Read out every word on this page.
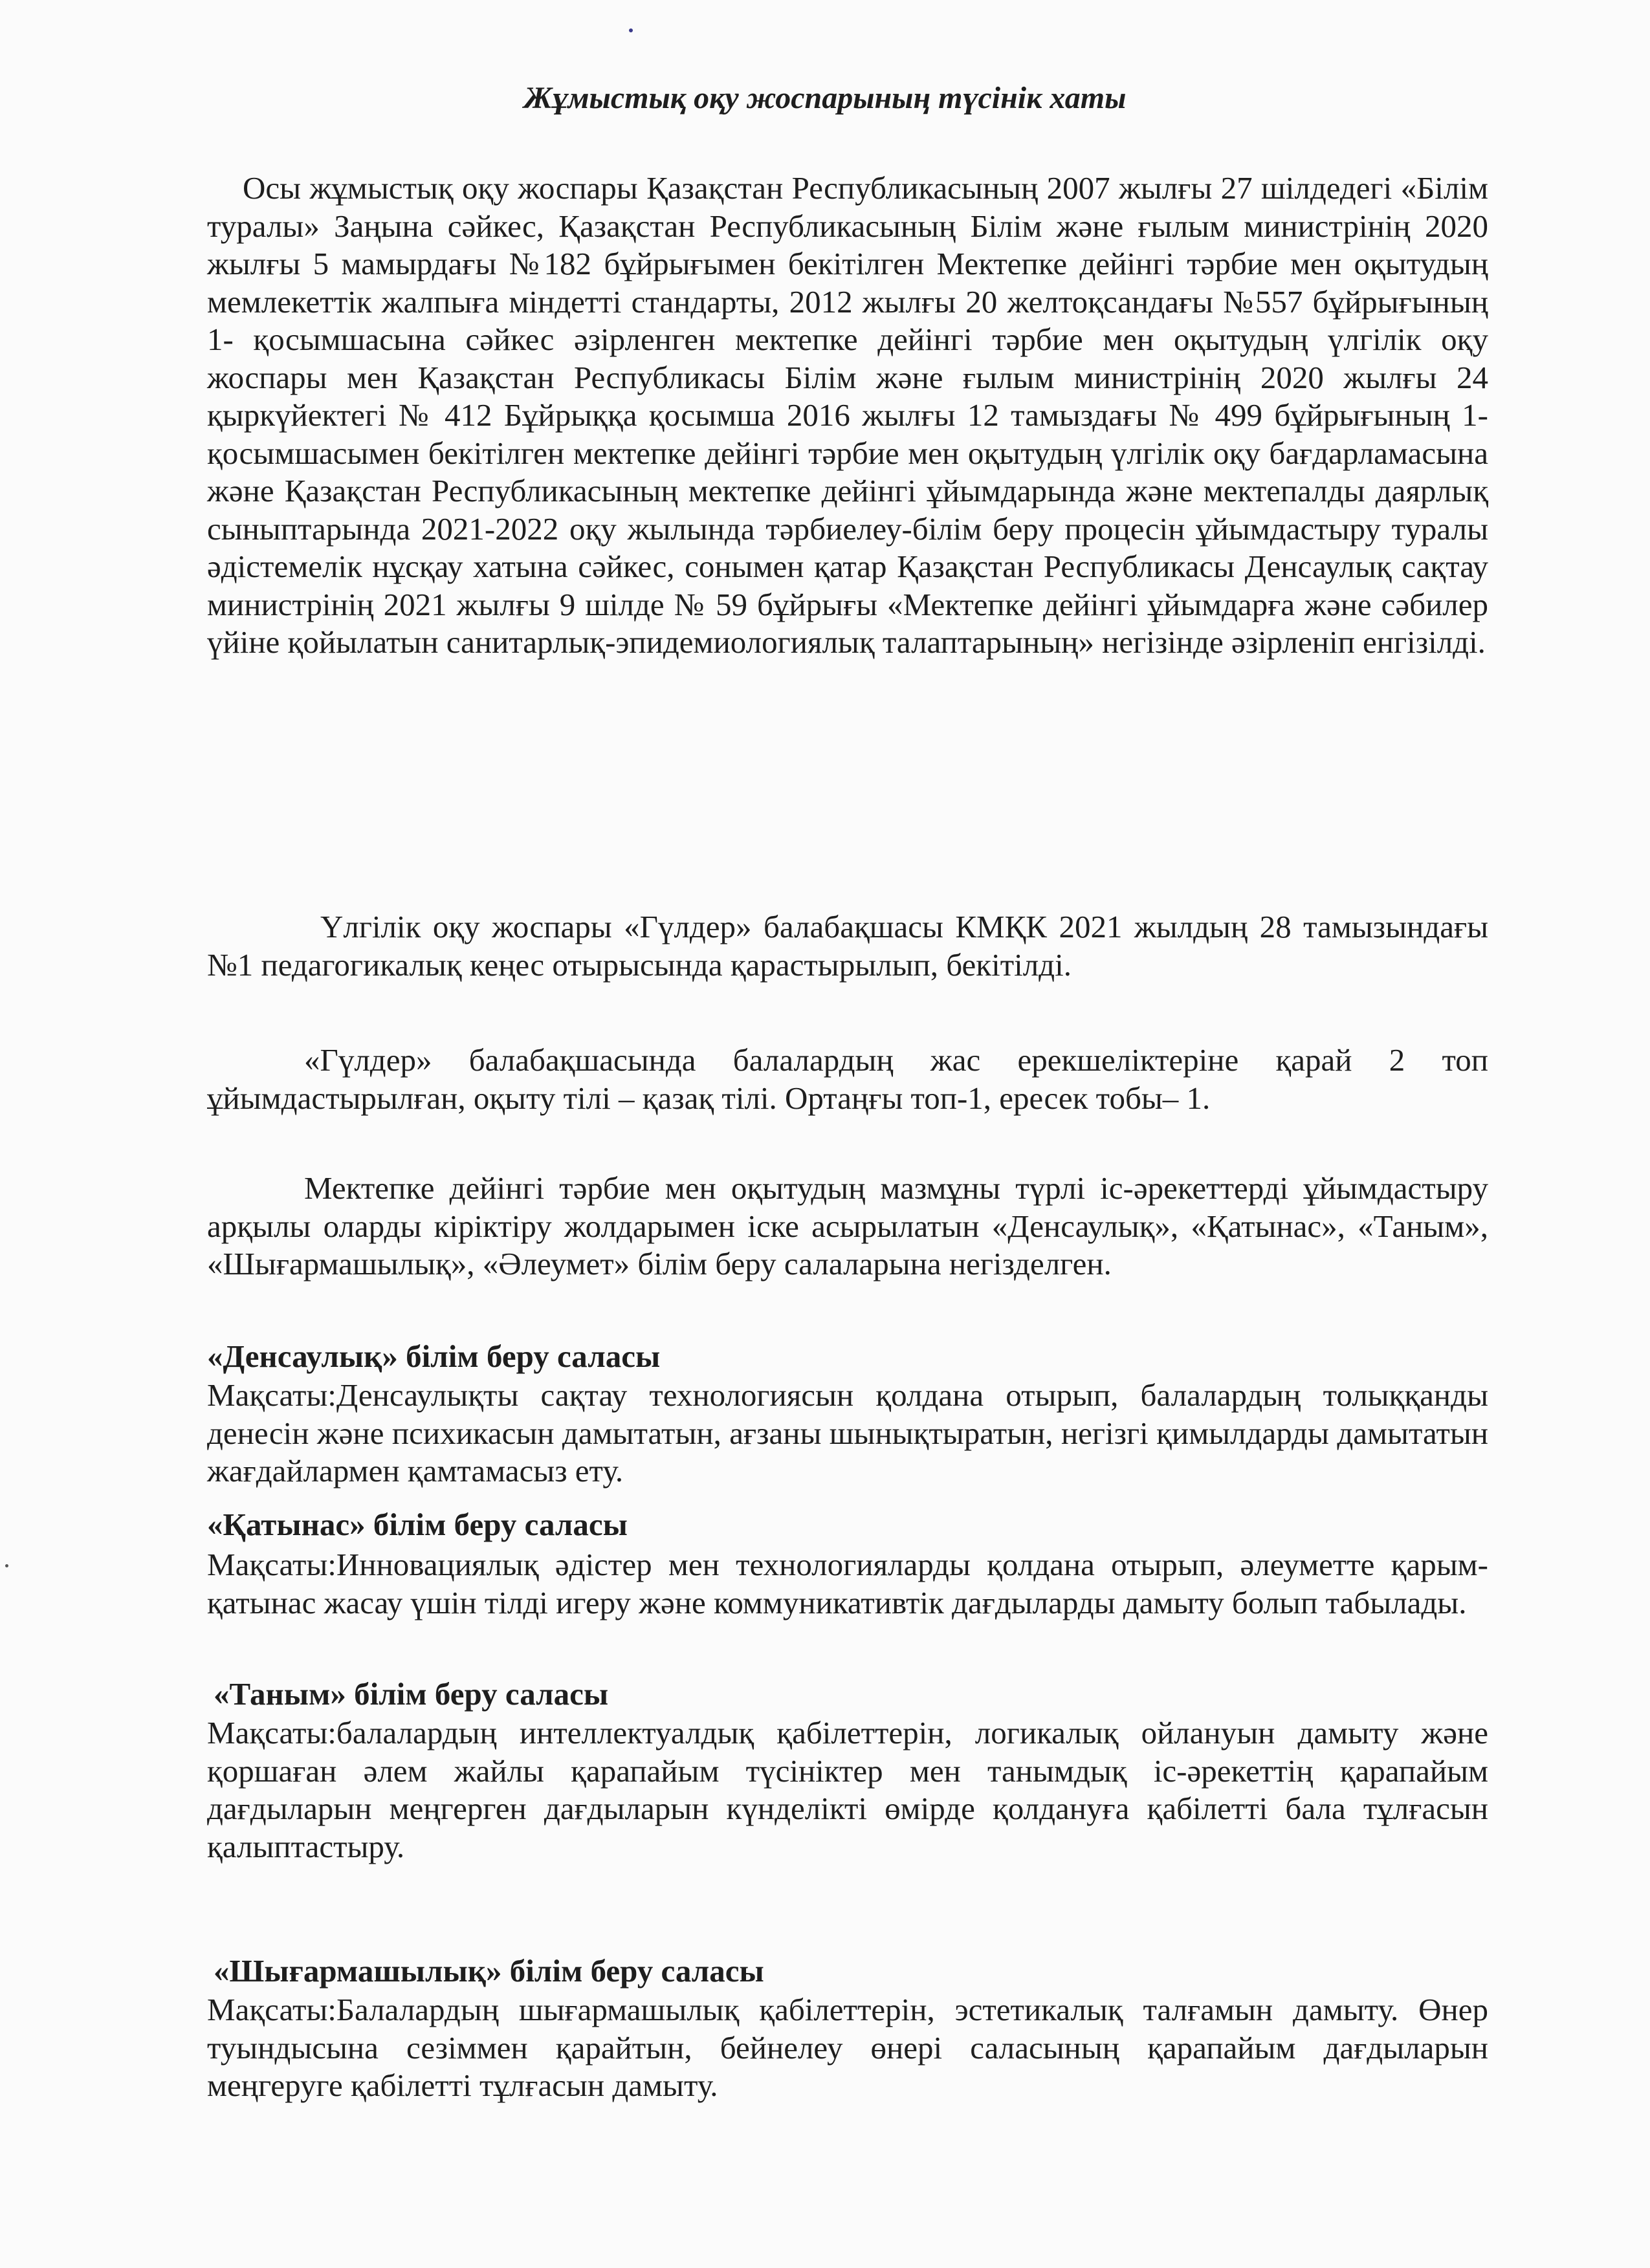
Жұмыстық оқу жоспарының түсінік хаты
Осы жұмыстық оқу жоспары Қазақстан Республикасының 2007 жылғы 27 шілдедегі «Білім туралы» Заңына сәйкес, Қазақстан Республикасының Білім және ғылым министрінің 2020 жылғы 5 мамырдағы №182 бұйрығымен бекітілген Мектепке дейінгі тәрбие мен оқытудың мемлекеттік жалпыға міндетті стандарты, 2012 жылғы 20 желтоқсандағы №557 бұйрығының 1- қосымшасына сәйкес әзірленген мектепке дейінгі тәрбие мен оқытудың үлгілік оқу жоспары мен Қазақстан Республикасы Білім және ғылым министрінің 2020 жылғы 24 қыркүйектегі № 412 Бұйрыққа қосымша 2016 жылғы 12 тамыздағы № 499 бұйрығының 1- қосымшасымен бекітілген мектепке дейінгі тәрбие мен оқытудың үлгілік оқу бағдарламасына және Қазақстан Республикасының мектепке дейінгі ұйымдарында және мектепалды даярлық сыныптарында 2021-2022 оқу жылында тәрбиелеу-білім беру процесін ұйымдастыру туралы әдістемелік нұсқау хатына сәйкес, сонымен қатар Қазақстан Республикасы Денсаулық сақтау министрінің 2021 жылғы 9 шілде № 59 бұйрығы «Мектепке дейінгі ұйымдарға және сәбилер үйіне қойылатын санитарлық-эпидемиологиялық талаптарының» негізінде әзірленіп енгізілді.
Үлгілік оқу жоспары «Гүлдер» балабақшасы КМҚК 2021 жылдың 28 тамызындағы №1 педагогикалық кеңес отырысында қарастырылып, бекітілді.
«Гүлдер» балабақшасында балалардың жас ерекшеліктеріне қарай 2 топ ұйымдастырылған, оқыту тілі – қазақ тілі. Ортаңғы топ-1, ересек тобы– 1.
Мектепке дейінгі тәрбие мен оқытудың мазмұны түрлі іс-әрекеттерді ұйымдастыру арқылы оларды кіріктіру жолдарымен іске асырылатын «Денсаулық», «Қатынас», «Таным», «Шығармашылық», «Әлеумет» білім беру салаларына негізделген.
«Денсаулық» білім беру саласы
Мақсаты:Денсаулықты сақтау технологиясын қолдана отырып, балалардың толыққанды денесін және психикасын дамытатын, ағзаны шынықтыратын, негізгі қимылдарды дамытатын жағдайлармен қамтамасыз ету.
«Қатынас» білім беру саласы
Мақсаты:Инновациялық әдістер мен технологияларды қолдана отырып, әлеуметте қарым-қатынас жасау үшін тілді игеру және коммуникативтік дағдыларды дамыту болып табылады.
«Таным» білім беру саласы
Мақсаты:балалардың интеллектуалдық қабілеттерін, логикалық ойлануын дамыту және қоршаған әлем жайлы қарапайым түсініктер мен танымдық іс-әрекеттің қарапайым дағдыларын меңгерген дағдыларын күнделікті өмірде қолдануға қабілетті бала тұлғасын қалыптастыру.
«Шығармашылық» білім беру саласы
Мақсаты:Балалардың шығармашылық қабілеттерін, эстетикалық талғамын дамыту. Өнер туындысына сезіммен қарайтын, бейнелеу өнері саласының қарапайым дағдыларын меңгеруге қабілетті тұлғасын дамыту.
